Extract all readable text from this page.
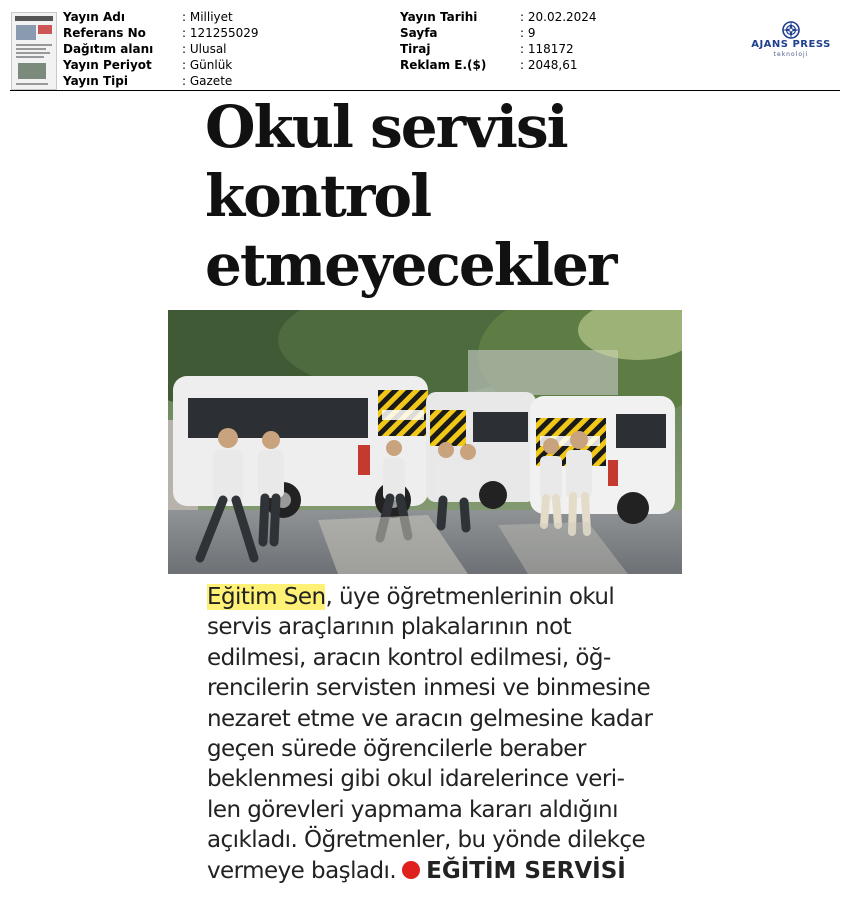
Yayın Adı	: Milliyet
Referans No	: 121255029
Dağıtım alanı : Ulusal
Yayın Periyot	: Günlük
Yayın Tipi	: Gazete
Yayın Tarihi	: 20.02.2024
Sayfa	: 9
Tiraj	: 118172
Reklam E.($)	: 2048,61
AJANS PRESS
teknoloji
Okul servisi
kontrol
etmeyecekler
Eğitim Sen, üye öğretmenlerinin okul
servis araçlarının plakalarının not
edilmesi, aracın kontrol edilmesi, öğ-
rencilerin servisten inmesi ve binmesine
nezaret etme ve aracın gelmesine kadar
geçen sürede öğrencilerle beraber
beklenmesi gibi okul idarelerince veri-
len görevleri yapmama kararı aldığını
açıkladı. Öğretmenler, bu yönde dilekçe
vermeye başladı. EĞİTİM SERVİSİ
